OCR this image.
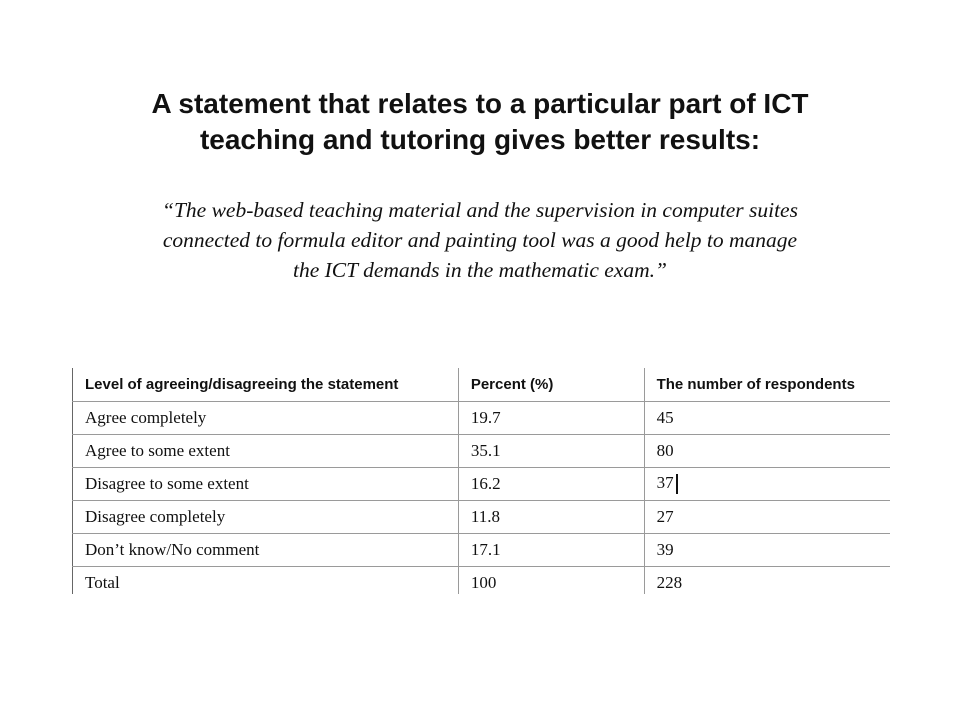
A statement that relates to a particular part of ICT
teaching and tutoring gives better results:

“The web-based teaching material and the supervision in computer suites
connected to formula editor and painting tool was a good help to manage
the ICT demands in the mathematic exam.”

Level of agreeing/disagreeing the statement	Percent (%)	The number of respondents
Agree completely	19.7	45
Agree to some extent	35.1	80
Disagree to some extent	16.2	37
Disagree completely	11.8	27
Don’t know/No comment	17.1	39
Total	100	228
